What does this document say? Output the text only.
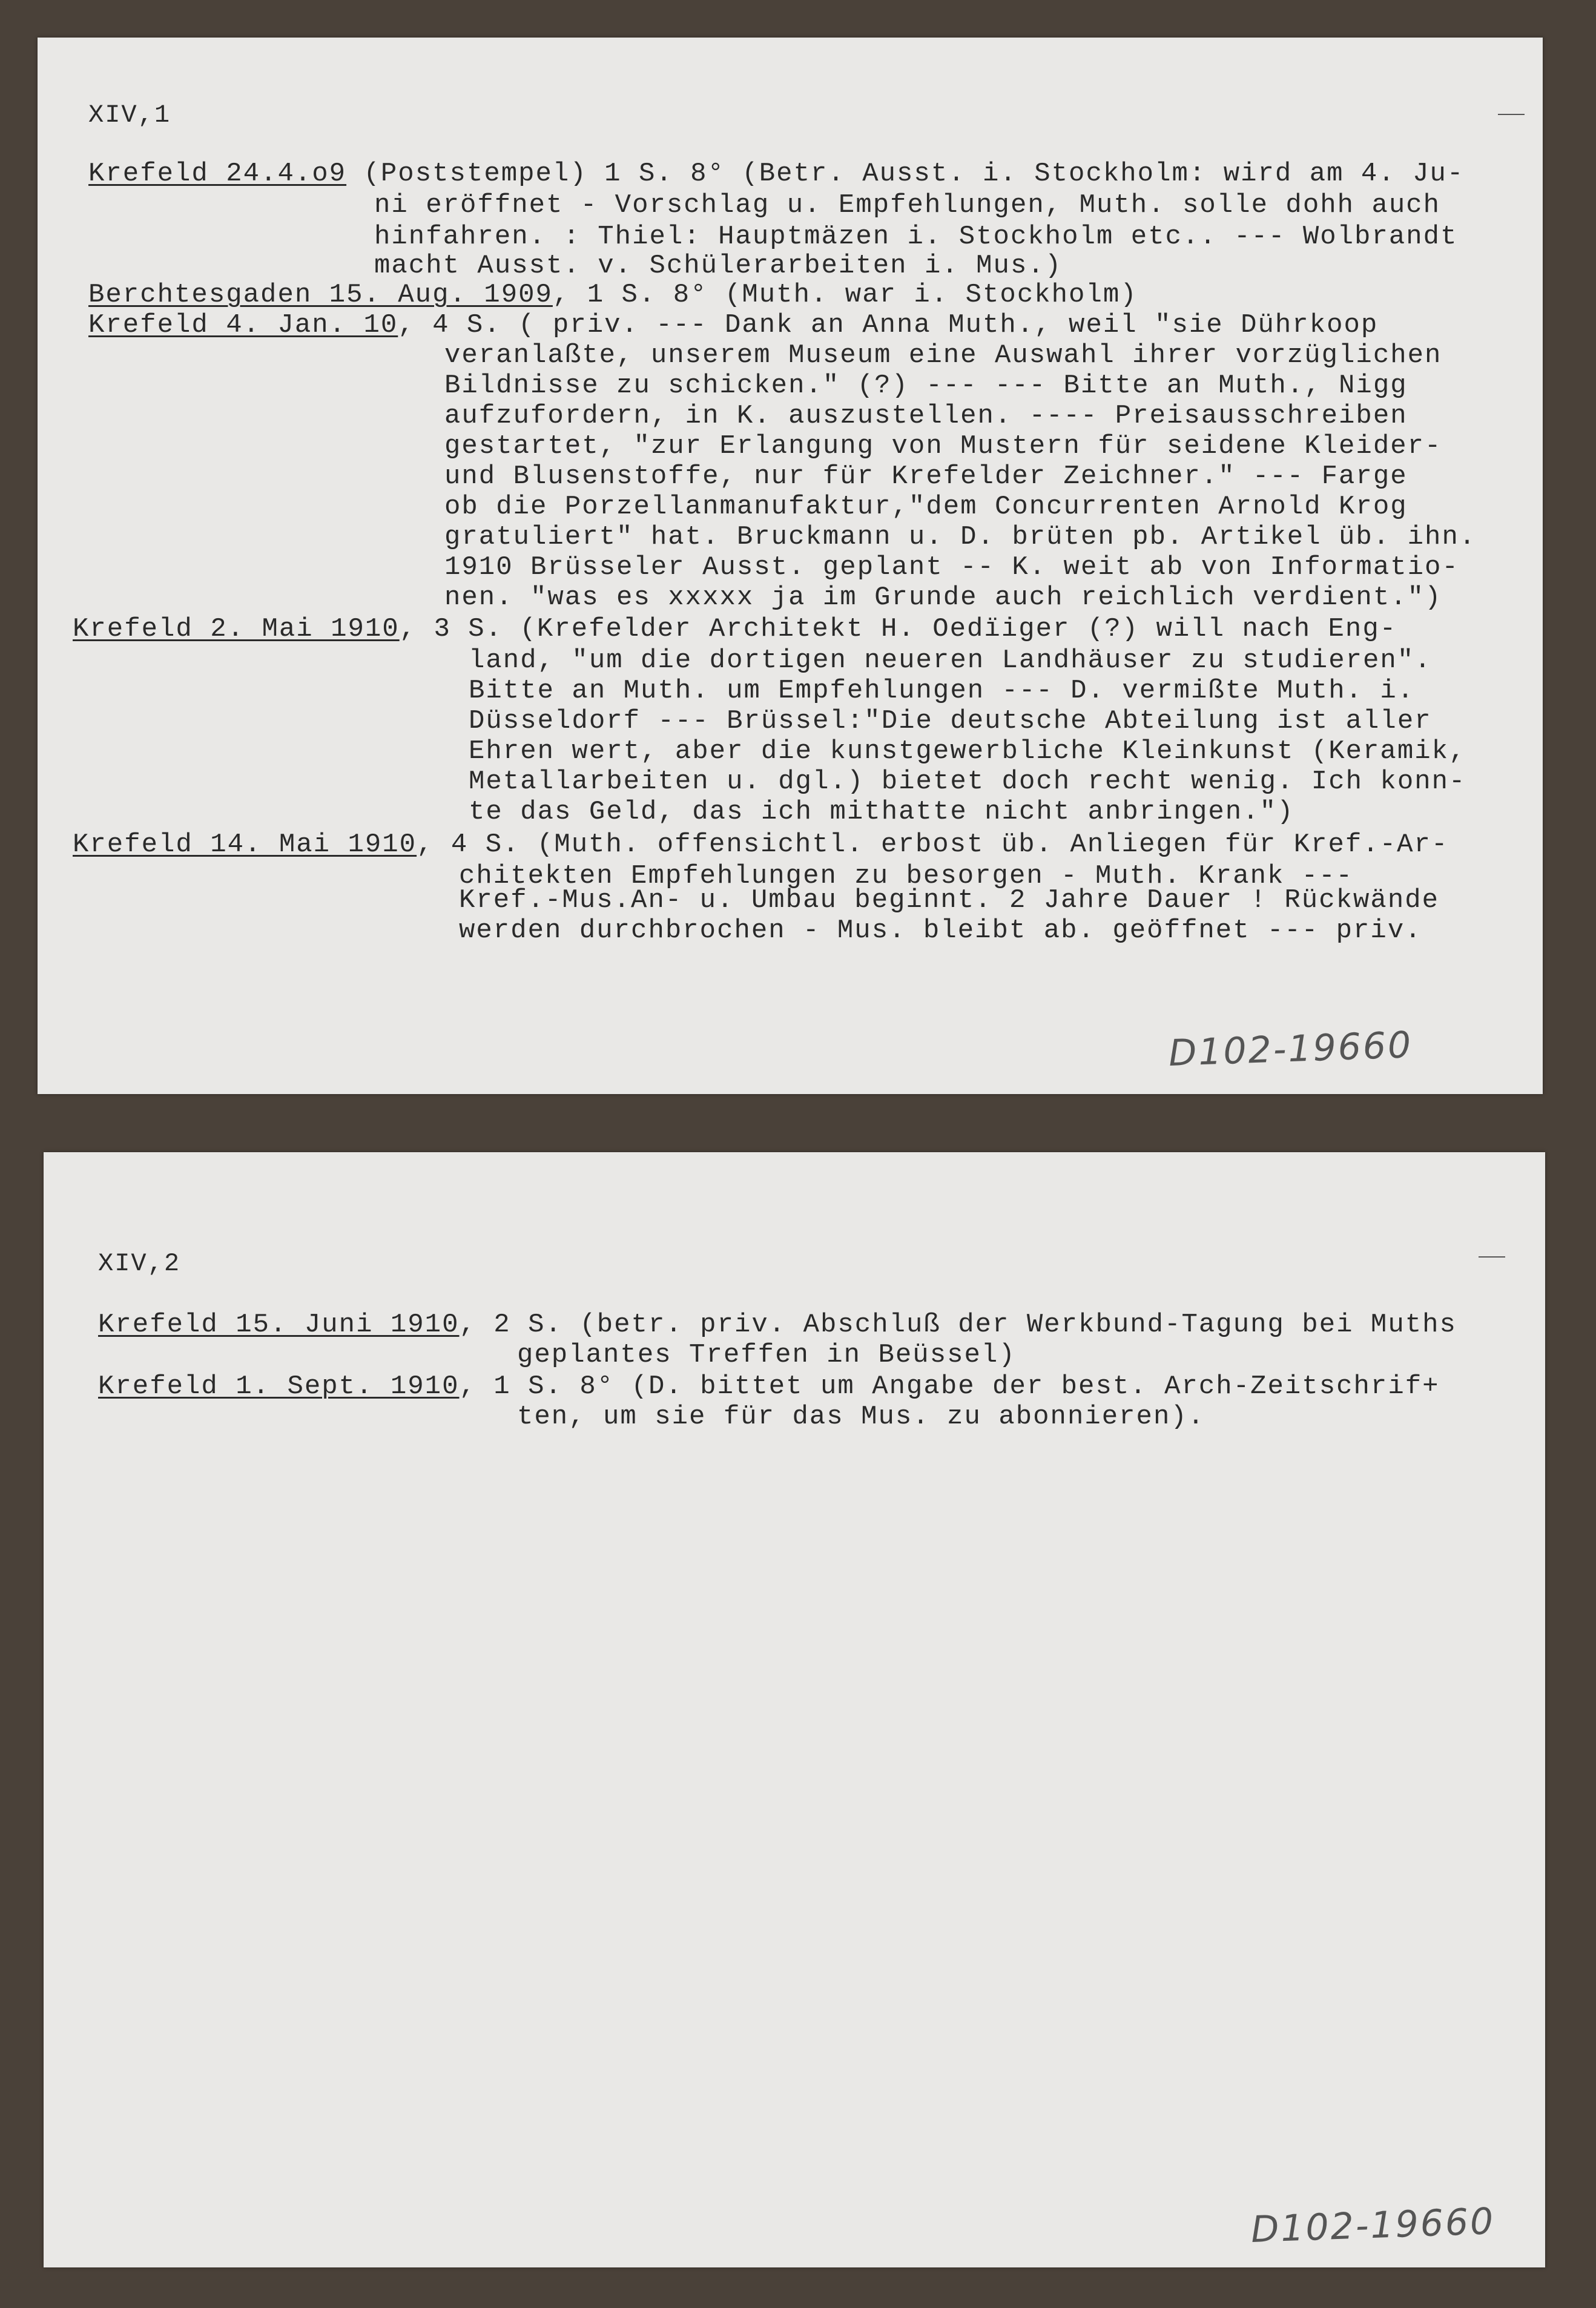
XIV,1
Krefeld 24.4.o9 (Poststempel) 1 S. 8° (Betr. Ausst. i. Stockholm: wird am 4. Ju-
ni eröffnet - Vorschlag u. Empfehlungen, Muth. solle dohh auch
hinfahren. : Thiel: Hauptmäzen i. Stockholm etc.. --- Wolbrandt
macht Ausst. v. Schülerarbeiten i. Mus.)
Berchtesgaden 15. Aug. 1909, 1 S. 8° (Muth. war i. Stockholm)
Krefeld 4. Jan. 10, 4 S. ( priv. --- Dank an Anna Muth., weil "sie Dührkoop
veranlaßte, unserem Museum eine Auswahl ihrer vorzüglichen
Bildnisse zu schicken." (?) --- --- Bitte an Muth., Nigg
aufzufordern, in K. auszustellen. ---- Preisausschreiben
gestartet, "zur Erlangung von Mustern für seidene Kleider-
und Blusenstoffe, nur für Krefelder Zeichner." --- Farge
ob die Porzellanmanufaktur,"dem Concurrenten Arnold Krog
gratuliert" hat. Bruckmann u. D. brüten pb. Artikel üb. ihn.
1910 Brüsseler Ausst. geplant -- K. weit ab von Informatio-
nen. "was es xxxxx ja im Grunde auch reichlich verdient.")
Krefeld 2. Mai 1910, 3 S. (Krefelder Architekt H. Oedïiger (?) will nach Eng-
land, "um die dortigen neueren Landhäuser zu studieren".
Bitte an Muth. um Empfehlungen --- D. vermißte Muth. i.
Düsseldorf --- Brüssel:"Die deutsche Abteilung ist aller
Ehren wert, aber die kunstgewerbliche Kleinkunst (Keramik,
Metallarbeiten u. dgl.) bietet doch recht wenig. Ich konn-
te das Geld, das ich mithatte nicht anbringen.")
Krefeld 14. Mai 1910, 4 S. (Muth. offensichtl. erbost üb. Anliegen für Kref.-Ar-
chitekten Empfehlungen zu besorgen - Muth. Krank ---
Kref.-Mus.An- u. Umbau beginnt. 2 Jahre Dauer ! Rückwände
werden durchbrochen - Mus. bleibt ab. geöffnet --- priv.
D102-19660
XIV,2
Krefeld 15. Juni 1910, 2 S. (betr. priv. Abschluß der Werkbund-Tagung bei Muths
geplantes Treffen in Beüssel)
Krefeld 1. Sept. 1910, 1 S. 8° (D. bittet um Angabe der best. Arch-Zeitschrif+
ten, um sie für das Mus. zu abonnieren).
D102-19660
